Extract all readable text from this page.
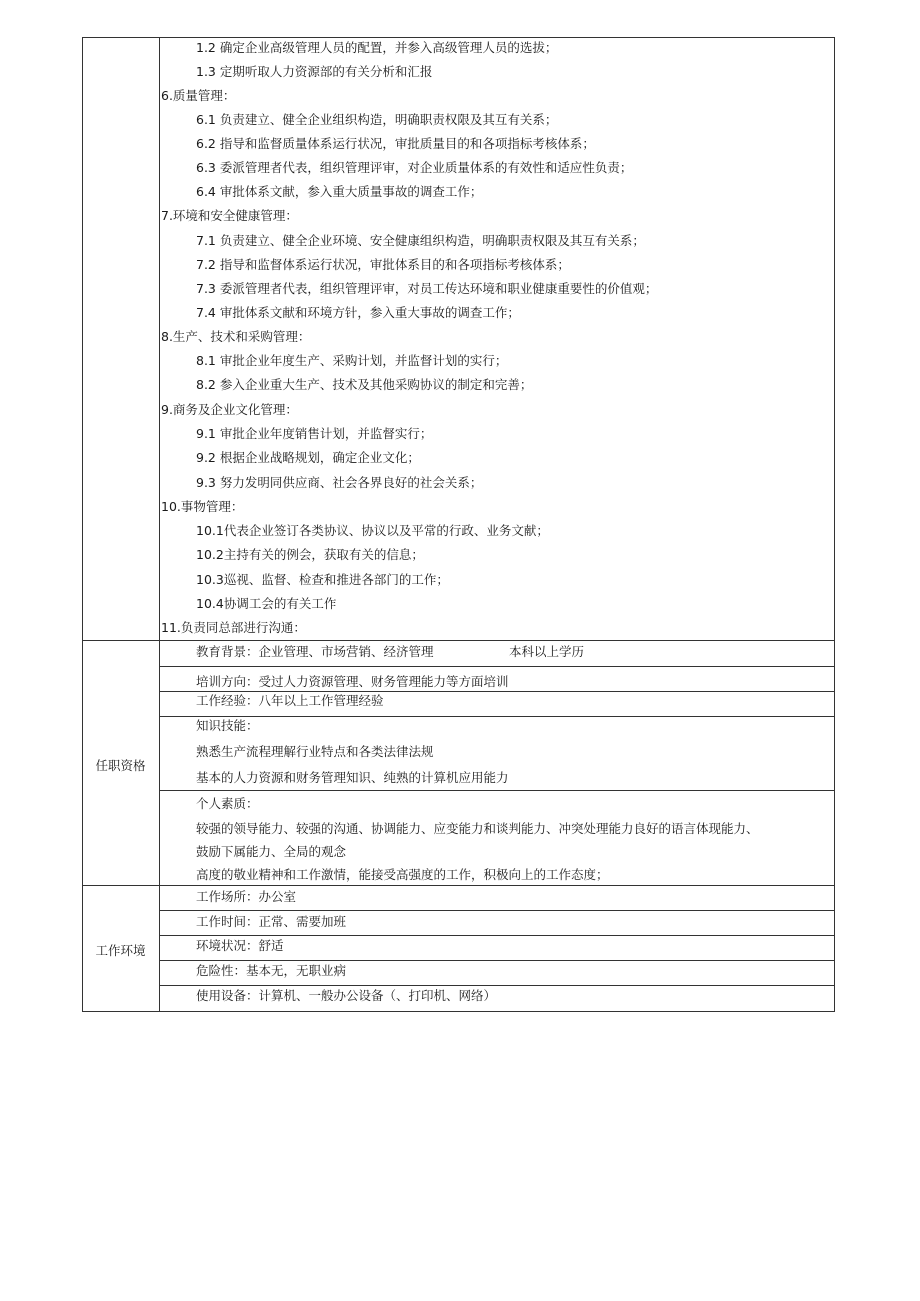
1.2 确定企业高级管理人员的配置，并参入高级管理人员的选拔；
1.3 定期听取人力资源部的有关分析和汇报
6.质量管理：
6.1 负责建立、健全企业组织构造，明确职责权限及其互有关系；
6.2 指导和监督质量体系运行状况，审批质量目的和各项指标考核体系；
6.3 委派管理者代表，组织管理评审，对企业质量体系的有效性和适应性负责；
6.4 审批体系文献，参入重大质量事故的调查工作；
7.环境和安全健康管理：
7.1 负责建立、健全企业环境、安全健康组织构造，明确职责权限及其互有关系；
7.2 指导和监督体系运行状况，审批体系目的和各项指标考核体系；
7.3 委派管理者代表，组织管理评审，对员工传达环境和职业健康重要性的价值观；
7.4 审批体系文献和环境方针，参入重大事故的调查工作；
8.生产、技术和采购管理：
8.1 审批企业年度生产、采购计划，并监督计划的实行；
8.2 参入企业重大生产、技术及其他采购协议的制定和完善；
9.商务及企业文化管理：
9.1 审批企业年度销售计划，并监督实行；
9.2 根据企业战略规划，确定企业文化；
9.3 努力发明同供应商、社会各界良好的社会关系；
10.事物管理：
10.1代表企业签订各类协议、协议以及平常的行政、业务文献；
10.2主持有关的例会，获取有关的信息；
10.3巡视、监督、检查和推进各部门的工作；
10.4协调工会的有关工作
11.负责同总部进行沟通：
任职资格
教育背景：企业管理、市场营销、经济管理	本科以上学历
培训方向：受过人力资源管理、财务管理能力等方面培训
工作经验：八年以上工作管理经验
知识技能：
熟悉生产流程理解行业特点和各类法律法规
基本的人力资源和财务管理知识、纯熟的计算机应用能力
个人素质：
较强的领导能力、较强的沟通、协调能力、应变能力和谈判能力、冲突处理能力良好的语言体现能力、
鼓励下属能力、全局的观念
高度的敬业精神和工作激情，能接受高强度的工作，积极向上的工作态度；
工作环境
工作场所：办公室
工作时间：正常、需要加班
环境状况：舒适
危险性：基本无，无职业病
使用设备：计算机、一般办公设备（、打印机、网络）
